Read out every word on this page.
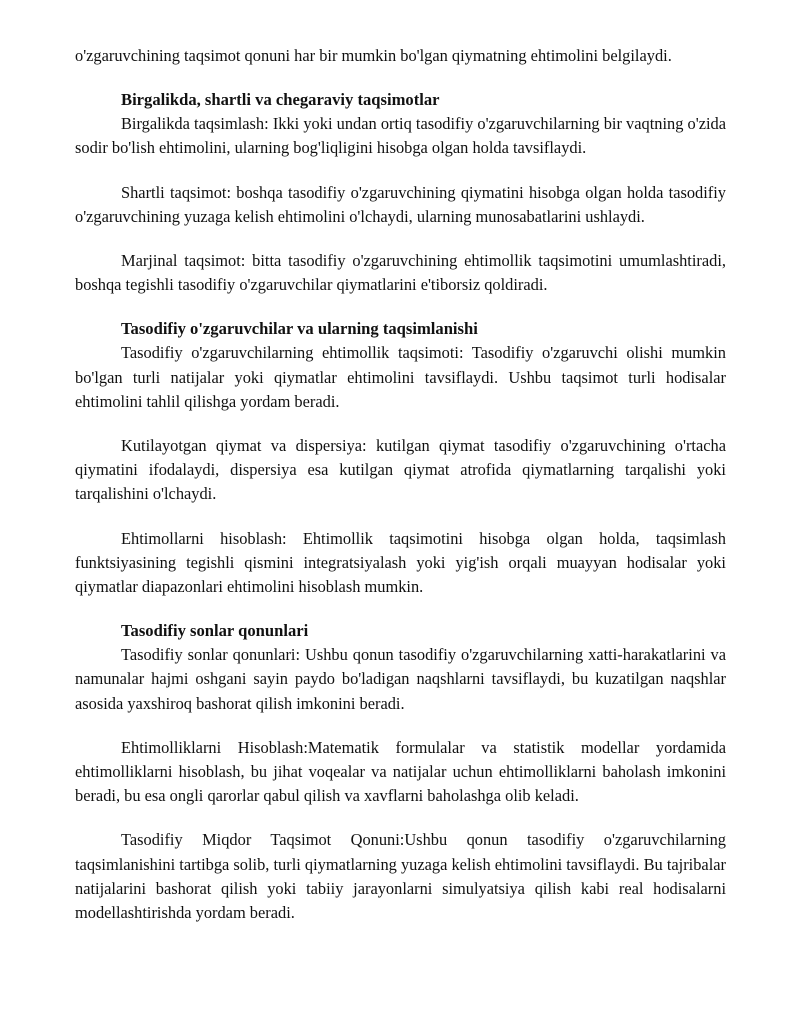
o'zgaruvchining taqsimot qonuni har bir mumkin bo'lgan qiymatning ehtimolini belgilaydi.

Birgalikda, shartli va chegaraviy taqsimotlar

Birgalikda taqsimlash: Ikki yoki undan ortiq tasodifiy o'zgaruvchilarning bir vaqtning o'zida sodir bo'lish ehtimolini, ularning bog'liqligini hisobga olgan holda tavsiflaydi.

Shartli taqsimot: boshqa tasodifiy o'zgaruvchining qiymatini hisobga olgan holda tasodifiy o'zgaruvchining yuzaga kelish ehtimolini o'lchaydi, ularning munosabatlarini ushlaydi.

Marjinal taqsimot: bitta tasodifiy o'zgaruvchining ehtimollik taqsimotini umumlashtiradi, boshqa tegishli tasodifiy o'zgaruvchilar qiymatlarini e'tiborsiz qoldiradi.

Tasodifiy o'zgaruvchilar va ularning taqsimlanishi

Tasodifiy o'zgaruvchilarning ehtimollik taqsimoti: Tasodifiy o'zgaruvchi olishi mumkin bo'lgan turli natijalar yoki qiymatlar ehtimolini tavsiflaydi. Ushbu taqsimot turli hodisalar ehtimolini tahlil qilishga yordam beradi.

Kutilayotgan qiymat va dispersiya: kutilgan qiymat tasodifiy o'zgaruvchining o'rtacha qiymatini ifodalaydi, dispersiya esa kutilgan qiymat atrofida qiymatlarning tarqalishi yoki tarqalishini o'lchaydi.

Ehtimollarni hisoblash: Ehtimollik taqsimotini hisobga olgan holda, taqsimlash funktsiyasining tegishli qismini integratsiyalash yoki yig'ish orqali muayyan hodisalar yoki qiymatlar diapazonlari ehtimolini hisoblash mumkin.

Tasodifiy sonlar qonunlari

Tasodifiy sonlar qonunlari: Ushbu qonun tasodifiy o'zgaruvchilarning xatti-harakatlarini va namunalar hajmi oshgani sayin paydo bo'ladigan naqshlarni tavsiflaydi, bu kuzatilgan naqshlar asosida yaxshiroq bashorat qilish imkonini beradi.

Ehtimolliklarni Hisoblash:Matematik formulalar va statistik modellar yordamida ehtimolliklarni hisoblash, bu jihat voqealar va natijalar uchun ehtimolliklarni baholash imkonini beradi, bu esa ongli qarorlar qabul qilish va xavflarni baholashga olib keladi.

Tasodifiy Miqdor Taqsimot Qonuni:Ushbu qonun tasodifiy o'zgaruvchilarning taqsimlanishini tartibga solib, turli qiymatlarning yuzaga kelish ehtimolini tavsiflaydi. Bu tajribalar natijalarini bashorat qilish yoki tabiiy jarayonlarni simulyatsiya qilish kabi real hodisalarni modellashtirishda yordam beradi.
